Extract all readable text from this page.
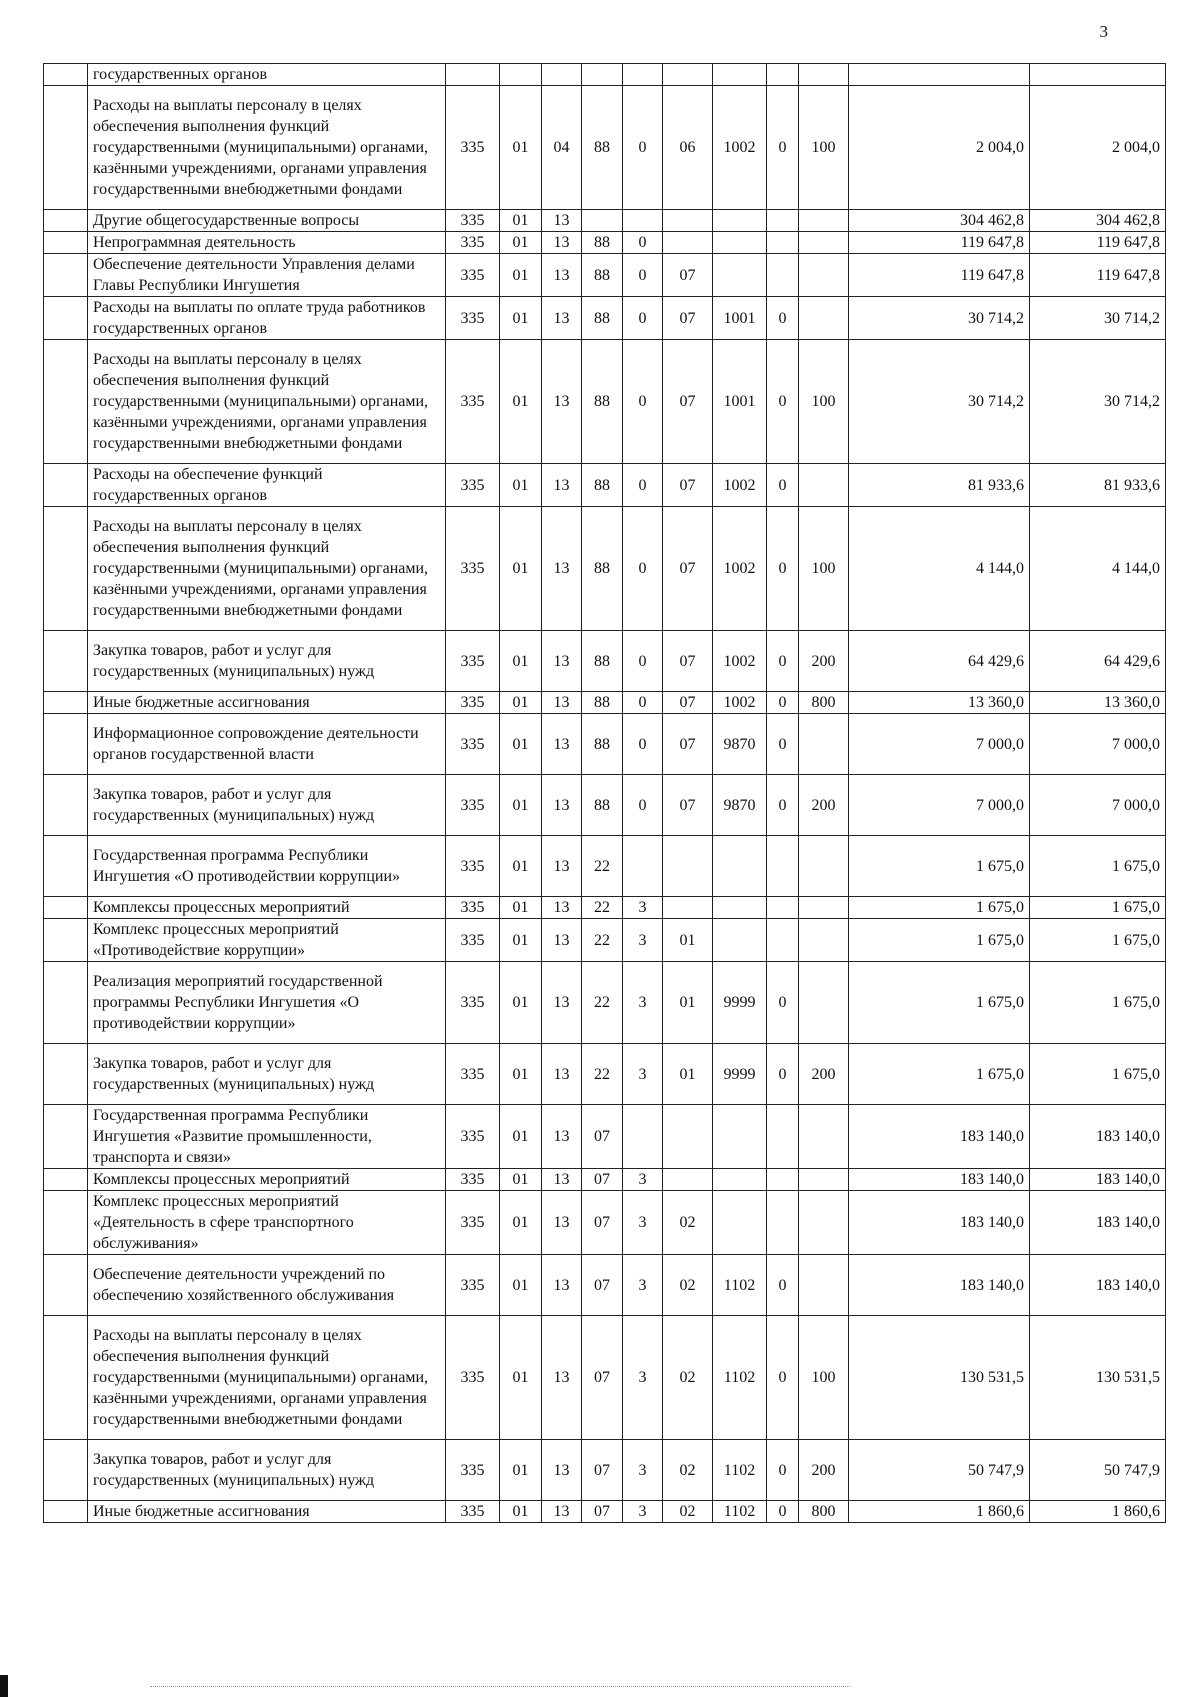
3
	государственных органов											
	Расходы на выплаты персоналу в целях обеспечения выполнения функций государственными (муниципальными) органами, казёнными учреждениями, органами управления государственными внебюджетными фондами	335	01	04	88	0	06	1002	0	100	2 004,0	2 004,0
	Другие общегосударственные вопросы	335	01	13							304 462,8	304 462,8
	Непрограммная деятельность	335	01	13	88	0					119 647,8	119 647,8
	Обеспечение деятельности Управления делами Главы Республики Ингушетия	335	01	13	88	0	07				119 647,8	119 647,8
	Расходы на выплаты по оплате труда работников государственных органов	335	01	13	88	0	07	1001	0		30 714,2	30 714,2
	Расходы на выплаты персоналу в целях обеспечения выполнения функций государственными (муниципальными) органами, казёнными учреждениями, органами управления государственными внебюджетными фондами	335	01	13	88	0	07	1001	0	100	30 714,2	30 714,2
	Расходы на обеспечение функций государственных органов	335	01	13	88	0	07	1002	0		81 933,6	81 933,6
	Расходы на выплаты персоналу в целях обеспечения выполнения функций государственными (муниципальными) органами, казёнными учреждениями, органами управления государственными внебюджетными фондами	335	01	13	88	0	07	1002	0	100	4 144,0	4 144,0
	Закупка товаров, работ и услуг для государственных (муниципальных) нужд	335	01	13	88	0	07	1002	0	200	64 429,6	64 429,6
	Иные бюджетные ассигнования	335	01	13	88	0	07	1002	0	800	13 360,0	13 360,0
	Информационное сопровождение деятельности органов государственной власти	335	01	13	88	0	07	9870	0		7 000,0	7 000,0
	Закупка товаров, работ и услуг для государственных (муниципальных) нужд	335	01	13	88	0	07	9870	0	200	7 000,0	7 000,0
	Государственная программа Республики Ингушетия «О противодействии коррупции»	335	01	13	22						1 675,0	1 675,0
	Комплексы процессных мероприятий	335	01	13	22	3					1 675,0	1 675,0
	Комплекс процессных мероприятий «Противодействие коррупции»	335	01	13	22	3	01				1 675,0	1 675,0
	Реализация мероприятий государственной программы Республики Ингушетия «О противодействии коррупции»	335	01	13	22	3	01	9999	0		1 675,0	1 675,0
	Закупка товаров, работ и услуг для государственных (муниципальных) нужд	335	01	13	22	3	01	9999	0	200	1 675,0	1 675,0
	Государственная программа Республики Ингушетия «Развитие промышленности, транспорта и связи»	335	01	13	07						183 140,0	183 140,0
	Комплексы процессных мероприятий	335	01	13	07	3					183 140,0	183 140,0
	Комплекс процессных мероприятий «Деятельность в сфере транспортного обслуживания»	335	01	13	07	3	02				183 140,0	183 140,0
	Обеспечение деятельности учреждений по обеспечению хозяйственного обслуживания	335	01	13	07	3	02	1102	0		183 140,0	183 140,0
	Расходы на выплаты персоналу в целях обеспечения выполнения функций государственными (муниципальными) органами, казёнными учреждениями, органами управления государственными внебюджетными фондами	335	01	13	07	3	02	1102	0	100	130 531,5	130 531,5
	Закупка товаров, работ и услуг для государственных (муниципальных) нужд	335	01	13	07	3	02	1102	0	200	50 747,9	50 747,9
	Иные бюджетные ассигнования	335	01	13	07	3	02	1102	0	800	1 860,6	1 860,6
